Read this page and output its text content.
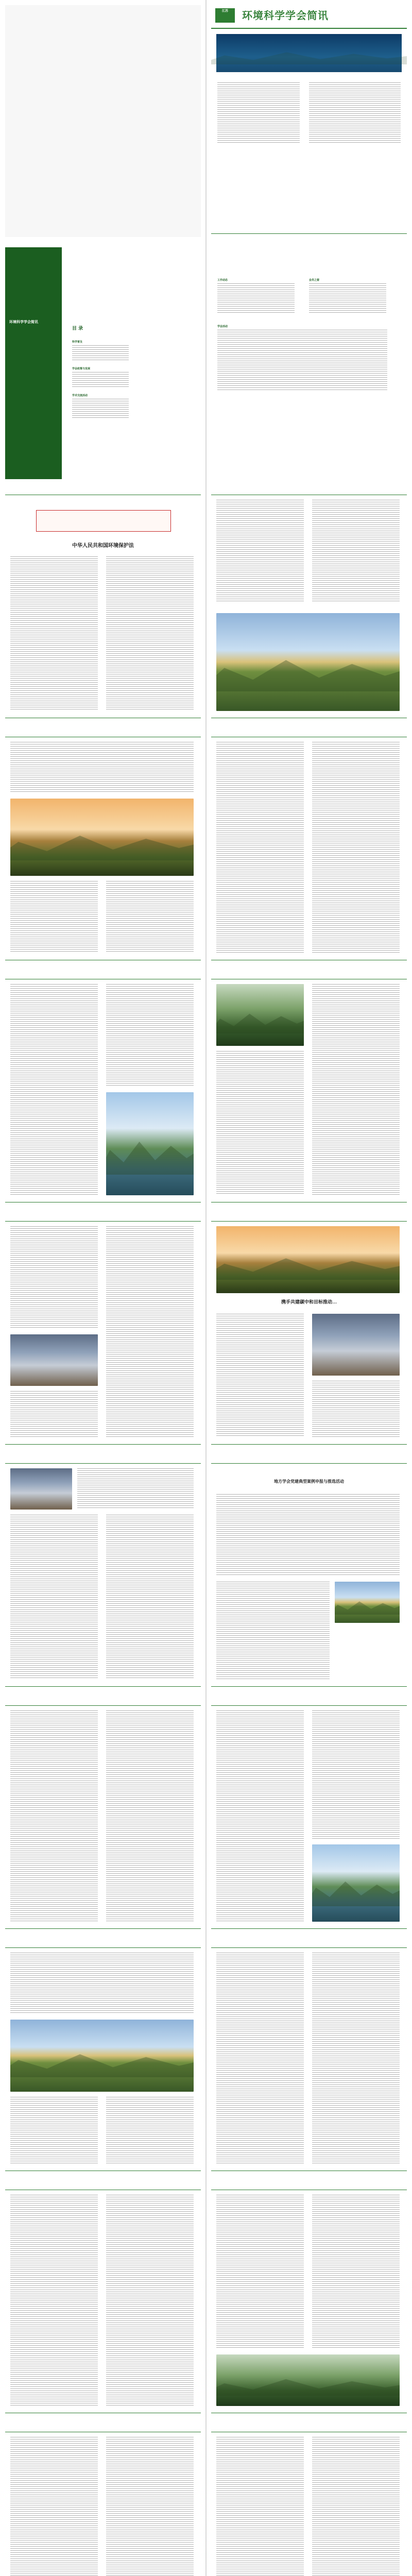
江苏	环境科学学会简讯
环境科学学会简讯
目 录
科学普及
学会政策与发展
学术交流活动
工作动态	会员之窗
学会活动
中华人民共和国环境保护法
携手共建碳中和目标推动…
地方学会党建典型案例申报与推选活动
